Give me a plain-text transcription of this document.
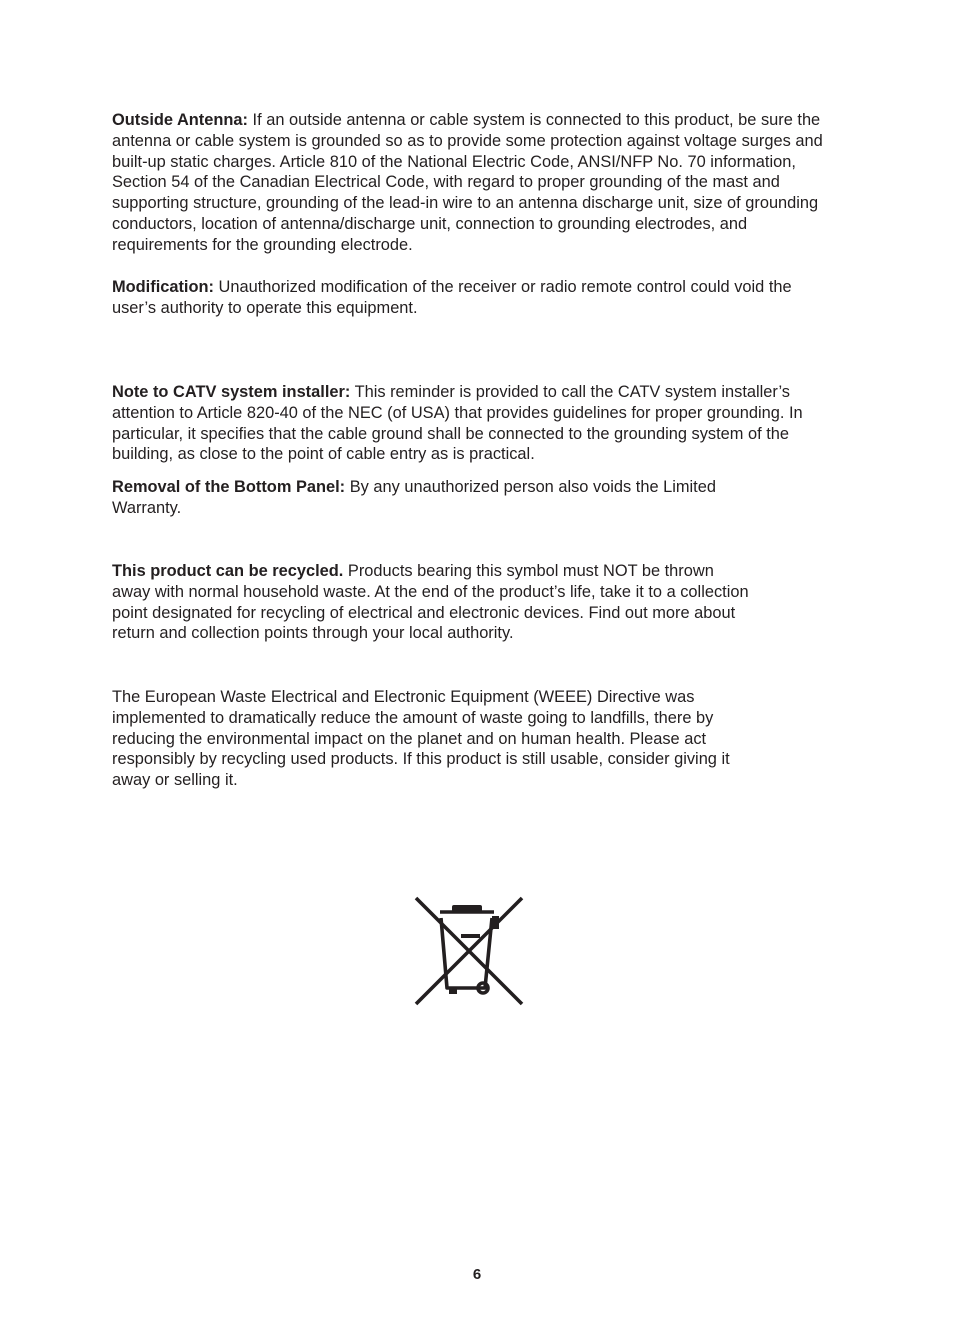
Outside Antenna: If an outside antenna or cable system is connected to this product, be sure the antenna or cable system is grounded so as to provide some protection against voltage surges and built-up static charges. Article 810 of the National Electric Code, ANSI/NFP No. 70 information, Section 54 of the Canadian Electrical Code, with regard to proper grounding of the mast and supporting structure, grounding of the lead-in wire to an antenna discharge unit, size of grounding conductors, location of antenna/discharge unit, connection to grounding electrodes, and requirements for the grounding electrode.

Modification: Unauthorized modification of the receiver or radio remote control could void the user’s authority to operate this equipment.

Note to CATV system installer: This reminder is provided to call the CATV system installer’s attention to Article 820-40 of the NEC (of USA) that provides guidelines for proper grounding. In particular, it specifies that the cable ground shall be connected to the grounding system of the building, as close to the point of cable entry as is practical.

Removal of the Bottom Panel: By any unauthorized person also voids the Limited Warranty.

This product can be recycled. Products bearing this symbol must NOT be thrown away with normal household waste. At the end of the product’s life, take it to a collection point designated for recycling of electrical and electronic devices. Find out more about return and collection points through your local authority.

The European Waste Electrical and Electronic Equipment (WEEE) Directive was implemented to dramatically reduce the amount of waste going to landfills, there by reducing the environmental impact on the planet and on human health. Please act responsibly by recycling used products. If this product is still usable, consider giving it away or selling it.

6
